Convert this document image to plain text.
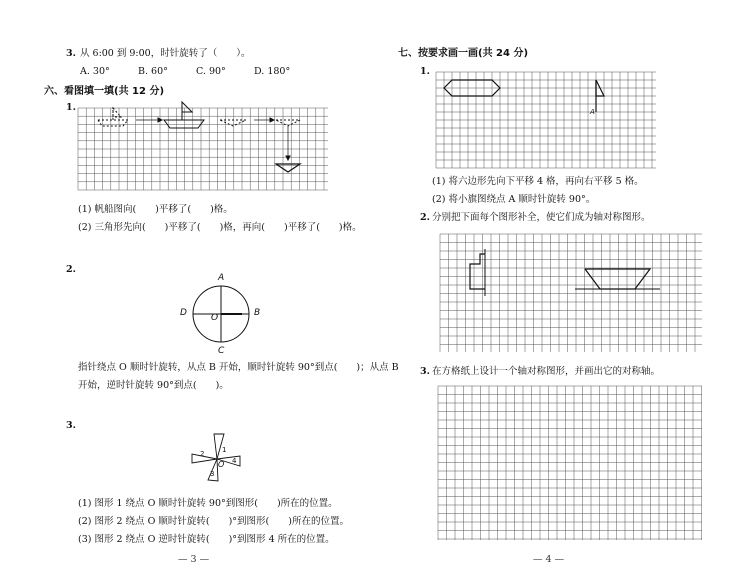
3. 从 6:00 到 9:00，时针旋转了（　　）。
A. 30°	B. 60°	C. 90°	D. 180°
六、看图填一填(共 12 分)
1.
(1) 帆船图向(　　)平移了(　　)格。
(2) 三角形先向(　　)平移了(　　)格，再向(　　)平移了(　　)格。
2.
A
B
C
D	O
指针绕点 O 顺时针旋转，从点 B 开始，顺时针旋转 90°到点(　　)；从点 B
开始，逆时针旋转 90°到点(　　)。
3.
1
2
3
4
O
(1) 图形 1 绕点 O 顺时针旋转 90°到图形(　　)所在的位置。
(2) 图形 2 绕点 O 顺时针旋转(　　)°到图形(　　)所在的位置。
(3) 图形 2 绕点 O 逆时针旋转(　　)°到图形 4 所在的位置。
— 3 —
七、按要求画一画(共 24 分)
1.
A
(1) 将六边形先向下平移 4 格，再向右平移 5 格。
(2) 将小旗图绕点 A 顺时针旋转 90°。
2. 分别把下面每个图形补全，使它们成为轴对称图形。
3. 在方格纸上设计一个轴对称图形，并画出它的对称轴。
— 4 —
